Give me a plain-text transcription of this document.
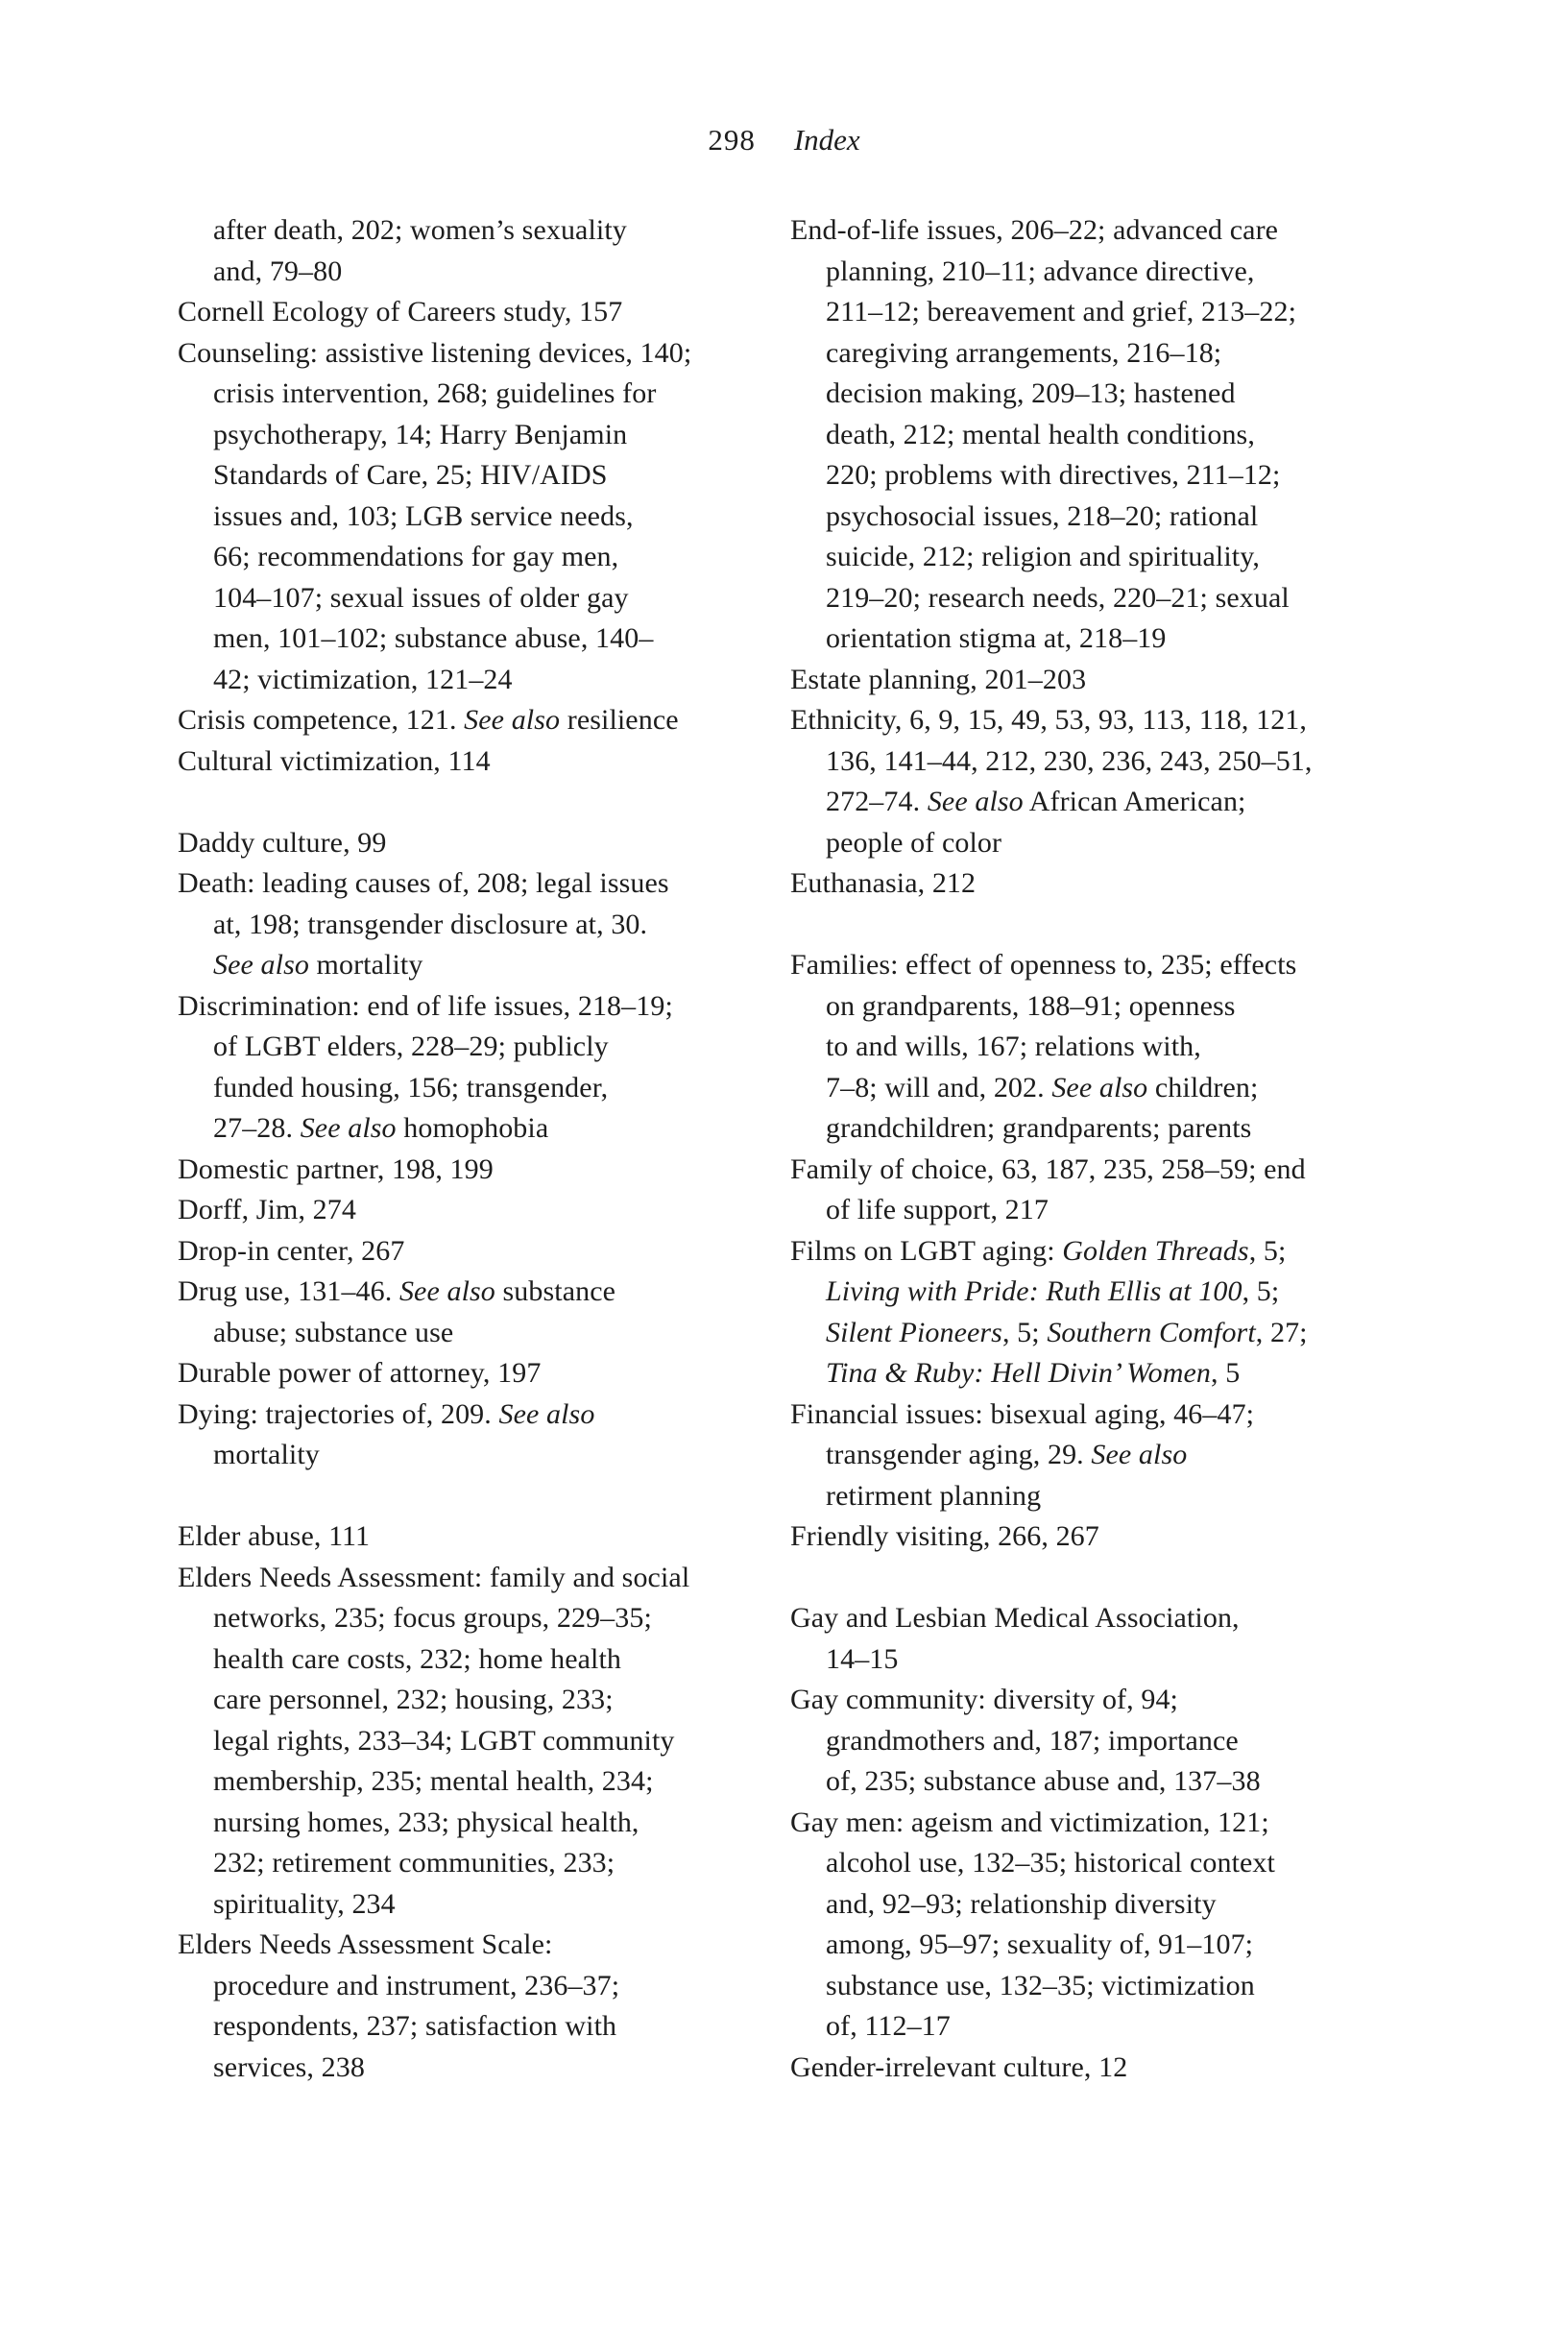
298 Index
after death, 202; women’s sexuality
and, 79–80
Cornell Ecology of Careers study, 157
Counseling: assistive listening devices, 140;
crisis intervention, 268; guidelines for
psychotherapy, 14; Harry Benjamin
Standards of Care, 25; HIV/AIDS
issues and, 103; LGB service needs,
66; recommendations for gay men,
104–107; sexual issues of older gay
men, 101–102; substance abuse, 140–
42; victimization, 121–24
Crisis competence, 121. See also resilience
Cultural victimization, 114
Daddy culture, 99
Death: leading causes of, 208; legal issues
at, 198; transgender disclosure at, 30.
See also mortality
Discrimination: end of life issues, 218–19;
of LGBT elders, 228–29; publicly
funded housing, 156; transgender,
27–28. See also homophobia
Domestic partner, 198, 199
Dorff, Jim, 274
Drop-in center, 267
Drug use, 131–46. See also substance
abuse; substance use
Durable power of attorney, 197
Dying: trajectories of, 209. See also
mortality
Elder abuse, 111
Elders Needs Assessment: family and social
networks, 235; focus groups, 229–35;
health care costs, 232; home health
care personnel, 232; housing, 233;
legal rights, 233–34; LGBT community
membership, 235; mental health, 234;
nursing homes, 233; physical health,
232; retirement communities, 233;
spirituality, 234
Elders Needs Assessment Scale:
procedure and instrument, 236–37;
respondents, 237; satisfaction with
services, 238
End-of-life issues, 206–22; advanced care
planning, 210–11; advance directive,
211–12; bereavement and grief, 213–22;
caregiving arrangements, 216–18;
decision making, 209–13; hastened
death, 212; mental health conditions,
220; problems with directives, 211–12;
psychosocial issues, 218–20; rational
suicide, 212; religion and spirituality,
219–20; research needs, 220–21; sexual
orientation stigma at, 218–19
Estate planning, 201–203
Ethnicity, 6, 9, 15, 49, 53, 93, 113, 118, 121,
136, 141–44, 212, 230, 236, 243, 250–51,
272–74. See also African American;
people of color
Euthanasia, 212
Families: effect of openness to, 235; effects
on grandparents, 188–91; openness
to and wills, 167; relations with,
7–8; will and, 202. See also children;
grandchildren; grandparents; parents
Family of choice, 63, 187, 235, 258–59; end
of life support, 217
Films on LGBT aging: Golden Threads, 5;
Living with Pride: Ruth Ellis at 100, 5;
Silent Pioneers, 5; Southern Comfort, 27;
Tina & Ruby: Hell Divin’ Women, 5
Financial issues: bisexual aging, 46–47;
transgender aging, 29. See also
retirment planning
Friendly visiting, 266, 267
Gay and Lesbian Medical Association,
14–15
Gay community: diversity of, 94;
grandmothers and, 187; importance
of, 235; substance abuse and, 137–38
Gay men: ageism and victimization, 121;
alcohol use, 132–35; historical context
and, 92–93; relationship diversity
among, 95–97; sexuality of, 91–107;
substance use, 132–35; victimization
of, 112–17
Gender-irrelevant culture, 12
